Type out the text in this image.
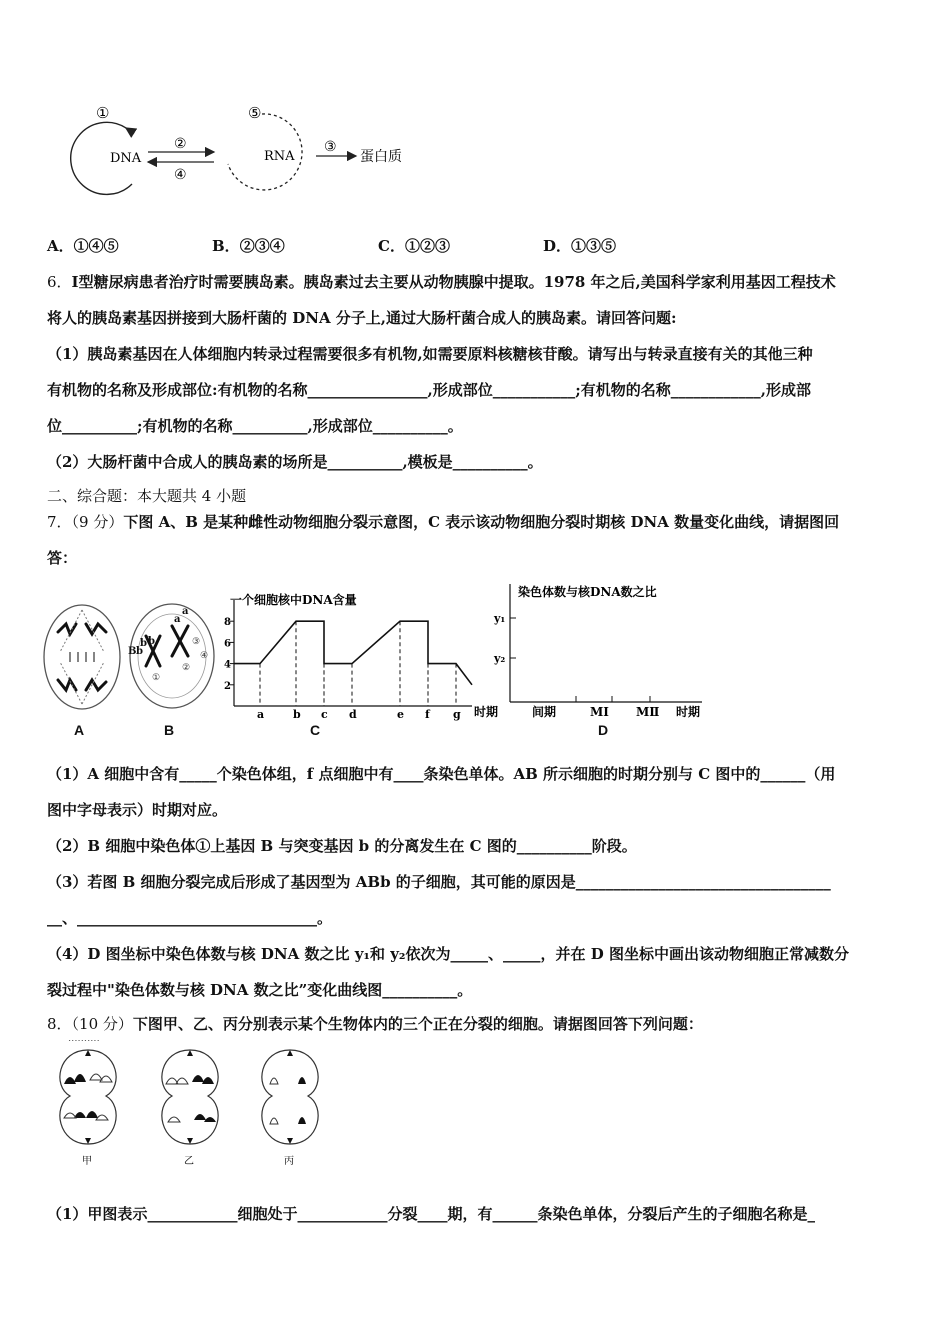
①
DNA
②
④
⑤
RNA
③
蛋白质
A．①④⑤	B．②③④	C．①②③	D．①③⑤
6．Ⅰ型糖尿病患者治疗时需要胰岛素。胰岛素过去主要从动物胰腺中提取。1978 年之后,美国科学家利用基因工程技术
将人的胰岛素基因拼接到大肠杆菌的 DNA 分子上,通过大肠杆菌合成人的胰岛素。请回答问题:
（1）胰岛素基因在人体细胞内转录过程需要很多有机物,如需要原料核糖核苷酸。请写出与转录直接有关的其他三种
有机物的名称及形成部位:有机物的名称________________,形成部位___________;有机物的名称____________,形成部
位__________;有机物的名称__________,形成部位__________。
（2）大肠杆菌中合成人的胰岛素的场所是__________,模板是__________。
二、综合题：本大题共 4 小题
7．（9 分）下图 A、B 是某种雌性动物细胞分裂示意图，C 表示该动物细胞分裂时期核 DNA 数量变化曲线，请据图回
答：
A
B b
b b
a
a
①
②
③
④
B
一个细胞核中DNA含量
时期
2
4
6
8
a	b c d	e f g
C
染色体数与核DNA数之比
y₁
y₂
间期	MⅠ MⅡ 时期
D
（1）A 细胞中含有_____个染色体组，f 点细胞中有____条染色单体。AB 所示细胞的时期分别与 C 图中的______（用
图中字母表示）时期对应。
（2）B 细胞中染色体①上基因 B 与突变基因 b 的分离发生在 C 图的__________阶段。
（3）若图 B 细胞分裂完成后形成了基因型为 ABb 的子细胞，其可能的原因是__________________________________
__、________________________________。
（4）D 图坐标中染色体数与核 DNA 数之比 y₁和 y₂依次为_____、_____，并在 D 图坐标中画出该动物细胞正常减数分
裂过程中"染色体数与核 DNA 数之比”变化曲线图__________。
8．（10 分）下图甲、乙、丙分别表示某个生物体内的三个正在分裂的细胞。请据图回答下列问题：
··········
甲	乙	丙
（1）甲图表示____________细胞处于____________分裂____期，有______条染色单体，分裂后产生的子细胞名称是_
